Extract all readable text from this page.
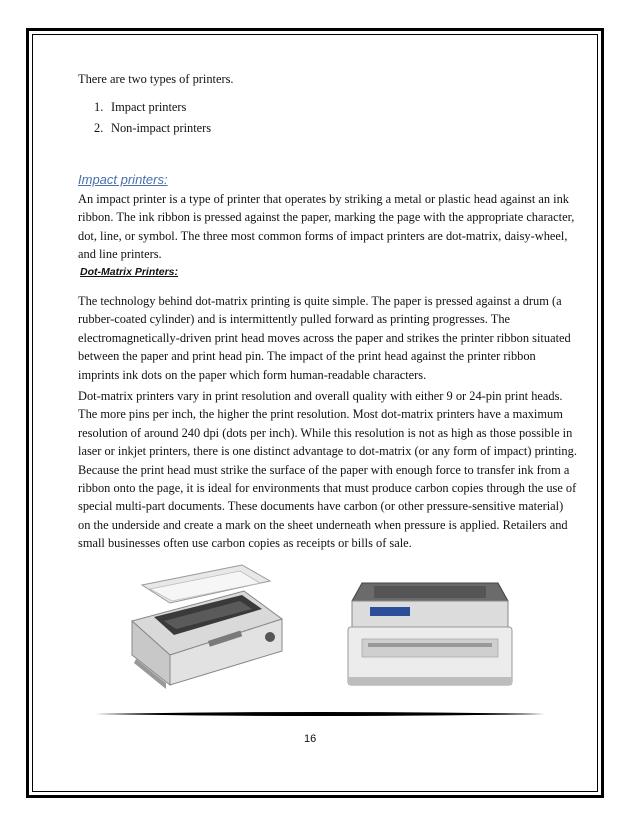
There are two types of printers.
1. Impact printers
2. Non-impact printers
Impact printers:

An impact printer is a type of printer that operates by striking a metal or plastic head against an ink ribbon. The ink ribbon is pressed against the paper, marking the page with the appropriate character, dot, line, or symbol. The three most common forms of impact printers are dot-matrix, daisy-wheel, and line printers.

Dot-Matrix Printers:

The technology behind dot-matrix printing is quite simple. The paper is pressed against a drum (a rubber-coated cylinder) and is intermittently pulled forward as printing progresses. The electromagnetically-driven print head moves across the paper and strikes the printer ribbon situated between the paper and print head pin. The impact of the print head against the printer ribbon imprints ink dots on the paper which form human-readable characters.

Dot-matrix printers vary in print resolution and overall quality with either 9 or 24-pin print heads. The more pins per inch, the higher the print resolution. Most dot-matrix printers have a maximum resolution of around 240 dpi (dots per inch). While this resolution is not as high as those possible in laser or inkjet printers, there is one distinct advantage to dot-matrix (or any form of impact) printing. Because the print head must strike the surface of the paper with enough force to transfer ink from a ribbon onto the page, it is ideal for environments that must produce carbon copies through the use of special multi-part documents. These documents have carbon (or other pressure-sensitive material) on the underside and create a mark on the sheet underneath when pressure is applied. Retailers and small businesses often use carbon copies as receipts or bills of sale.

16
